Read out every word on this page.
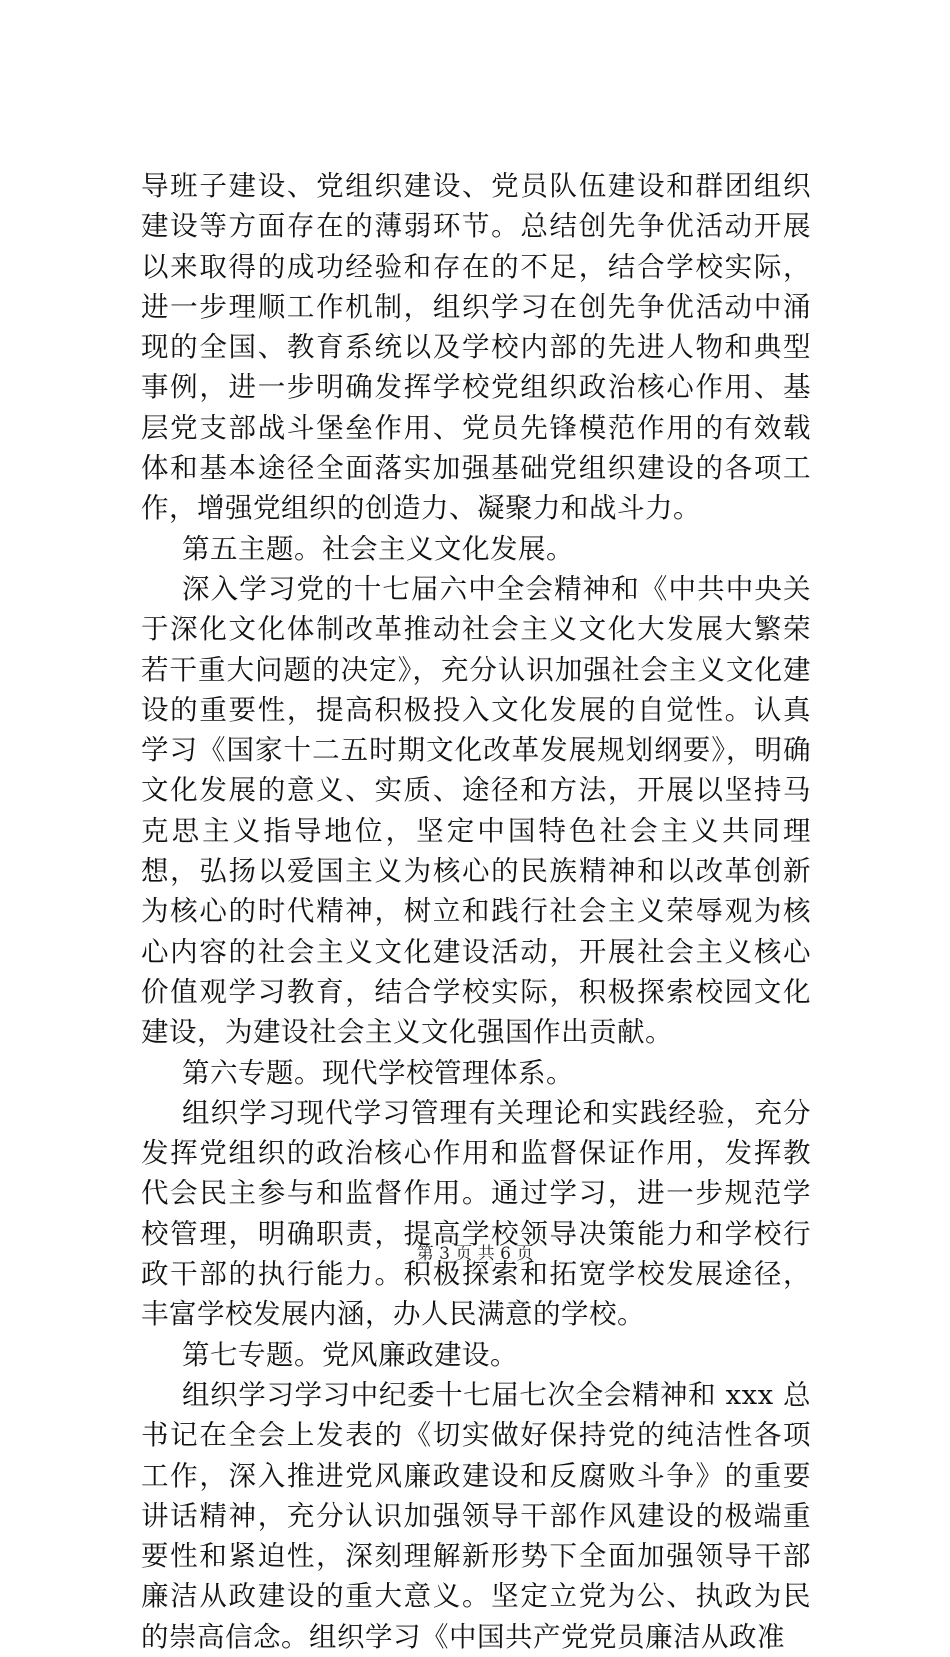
导班子建设、党组织建设、党员队伍建设和群团组织建设等方面存在的薄弱环节。总结创先争优活动开展以来取得的成功经验和存在的不足，结合学校实际，进一步理顺工作机制，组织学习在创先争优活动中涌现的全国、教育系统以及学校内部的先进人物和典型事例，进一步明确发挥学校党组织政治核心作用、基层党支部战斗堡垒作用、党员先锋模范作用的有效载体和基本途径全面落实加强基础党组织建设的各项工作，增强党组织的创造力、凝聚力和战斗力。

第五主题。社会主义文化发展。

深入学习党的十七届六中全会精神和《中共中央关于深化文化体制改革推动社会主义文化大发展大繁荣若干重大问题的决定》，充分认识加强社会主义文化建设的重要性，提高积极投入文化发展的自觉性。认真学习《国家十二五时期文化改革发展规划纲要》，明确文化发展的意义、实质、途径和方法，开展以坚持马克思主义指导地位，坚定中国特色社会主义共同理想，弘扬以爱国主义为核心的民族精神和以改革创新为核心的时代精神，树立和践行社会主义荣辱观为核心内容的社会主义文化建设活动，开展社会主义核心价值观学习教育，结合学校实际，积极探索校园文化建设，为建设社会主义文化强国作出贡献。

第六专题。现代学校管理体系。

组织学习现代学习管理有关理论和实践经验，充分发挥党组织的政治核心作用和监督保证作用，发挥教代会民主参与和监督作用。通过学习，进一步规范学校管理，明确职责，提高学校领导决策能力和学校行政干部的执行能力。积极探索和拓宽学校发展途径，丰富学校发展内涵，办人民满意的学校。

第七专题。党风廉政建设。

组织学习学习中纪委十七届七次全会精神和 xxx 总书记在全会上发表的《切实做好保持党的纯洁性各项工作，深入推进党风廉政建设和反腐败斗争》的重要讲话精神，充分认识加强领导干部作风建设的极端重要性和紧迫性，深刻理解新形势下全面加强领导干部廉洁从政建设的重大意义。坚定立党为公、执政为民的崇高信念。组织学习《中国共产党党员廉洁从政准

第 3 页 共 6 页
